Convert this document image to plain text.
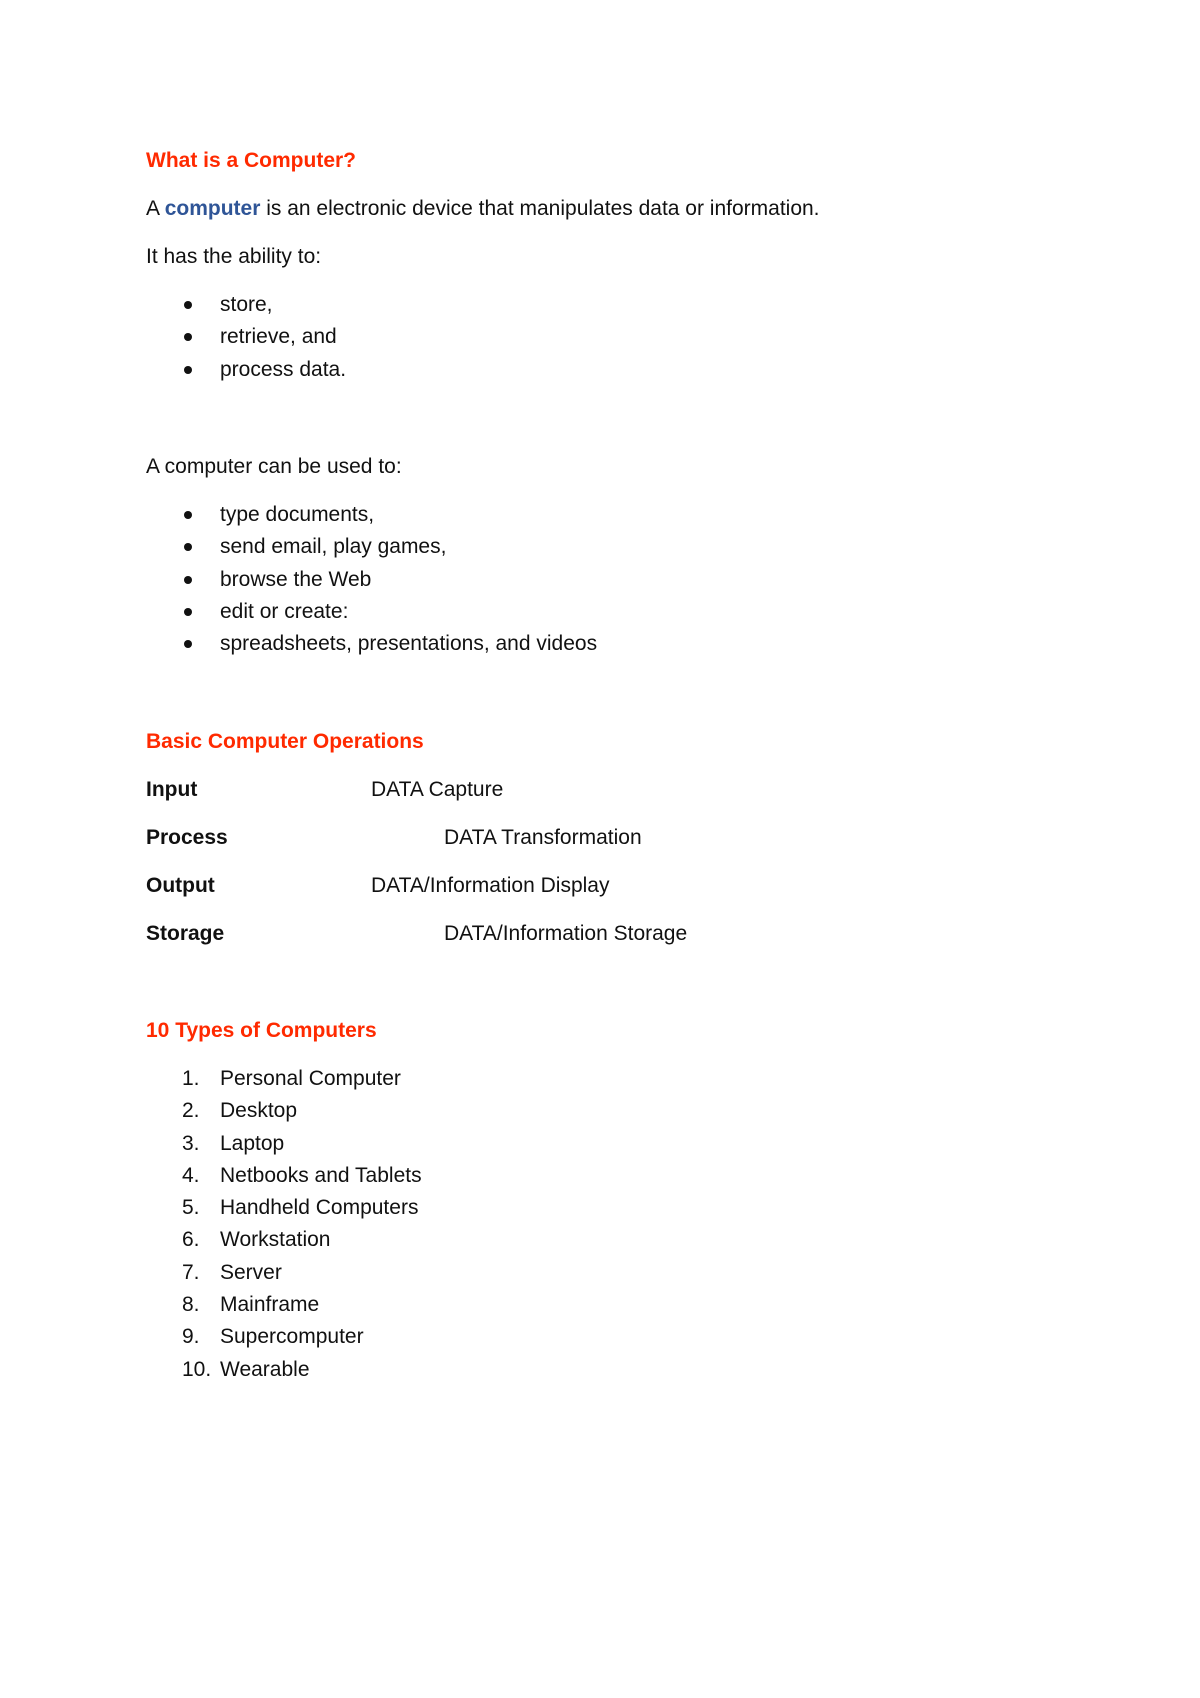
What is a Computer?
A computer is an electronic device that manipulates data or information.
It has the ability to:
store,
retrieve, and
process data.
A computer can be used to:
type documents,
send email, play games,
browse the Web
edit or create:
spreadsheets, presentations, and videos
Basic Computer Operations
Input	DATA Capture
Process	DATA Transformation
Output	DATA/Information Display
Storage	DATA/Information Storage
10 Types of Computers
1. Personal Computer
2. Desktop
3. Laptop
4. Netbooks and Tablets
5. Handheld Computers
6. Workstation
7. Server
8. Mainframe
9. Supercomputer
10. Wearable
